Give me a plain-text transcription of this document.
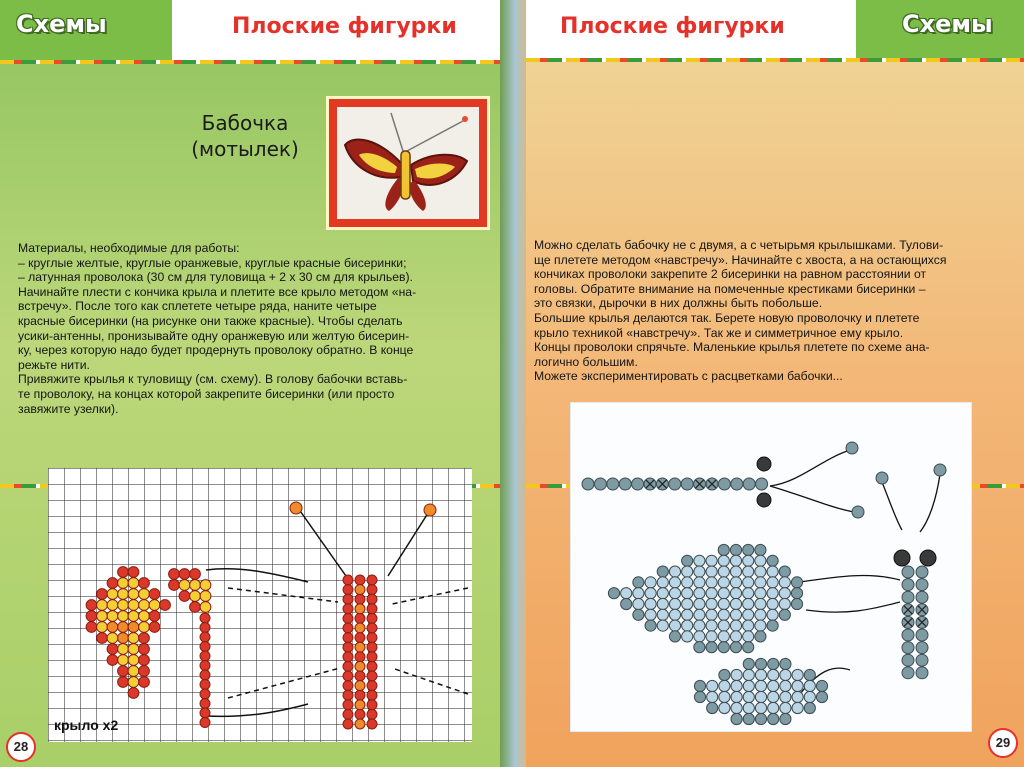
Схемы	Плоские фигурки
Бабочка
(мотылек)

Материалы, необходимые для работы:

– круглые желтые, круглые оранжевые, круглые красные бисеринки;

– латунная проволока (30 см для туловища + 2 х 30 см для крыльев).

Начинайте плести с кончика крыла и плетите все крыло методом «на-

встречу». После того как сплетете четыре ряда, наните четыре

красные бисеринки (на рисунке они также красные). Чтобы сделать

усики-антенны, пронизывайте одну оранжевую или желтую бисерин-

ку, через которую надо будет продернуть проволоку обратно. В конце

режьте нити.

Привяжите крылья к туловищу (см. схему). В голову бабочки вставь-

те проволоку, на концах которой закрепите бисеринки (или просто

завяжите узелки).

крыло х2
28
Плоские фигурки	Схемы

Можно сделать бабочку не с двумя, а с четырьмя крылышками. Тулови-

ще плетете методом «навстречу». Начинайте с хвоста, а на остающихся

кончиках проволоки закрепите 2 бисеринки на равном расстоянии от

головы. Обратите внимание на помеченные крестиками бисеринки –

это связки, дырочки в них должны быть побольше.

Большие крылья делаются так. Берете новую проволочку и плетете

крыло техникой «навстречу». Так же и симметричное ему крыло.

Концы проволоки спрячьте. Маленькие крылья плетете по схеме ана-

логично большим.

Можете экспериментировать с расцветками бабочки...

29
